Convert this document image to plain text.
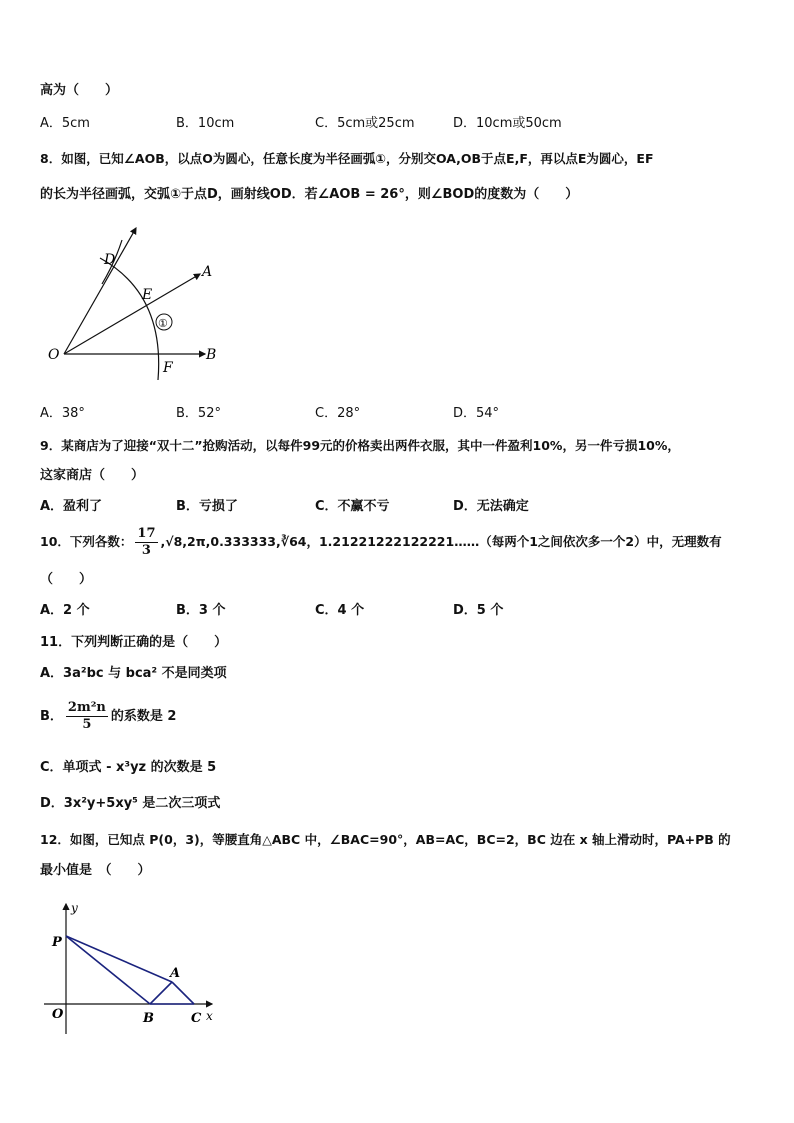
高为（　　）
A．5cm	B．10cm	C．5cm或25cm	D．10cm或50cm
8．如图，已知∠AOB，以点O为圆心，任意长度为半径画弧①，分别交OA,OB于点E,F，再以点E为圆心，EF
的长为半径画弧，交弧①于点D，画射线OD．若∠AOB = 26°，则∠BOD的度数为（　　）
①
D
A
E
O	B
F
A．38°	B．52°	C．28°	D．54°
9．某商店为了迎接“双十二”抢购活动，以每件99元的价格卖出两件衣服，其中一件盈利10%，另一件亏损10%，
这家商店（　　）
A．盈利了	B．亏损了	C．不赢不亏	D．无法确定
10．下列各数： $\frac{17}{3}$ ,√8,2π,0.333333,∛64，1.21221222122221……（每两个1之间依次多一个2）中，无理数有
（　　）
A．2 个	B．3 个	C．4 个	D．5 个
11．下列判断正确的是（　　）
A．3a²bc 与 bca² 不是同类项
B． $\frac{\text{2m²n}}{5}$ 的系数是 2
C．单项式 - x³yz 的次数是 5
D．3x²y+5xy⁵ 是二次三项式
12．如图，已知点 P(0，3)，等腰直角△ABC 中，∠BAC=90°，AB=AC，BC=2，BC 边在 x 轴上滑动时，PA+PB 的
最小值是　（　　）
y
P
A
O	B	C x
